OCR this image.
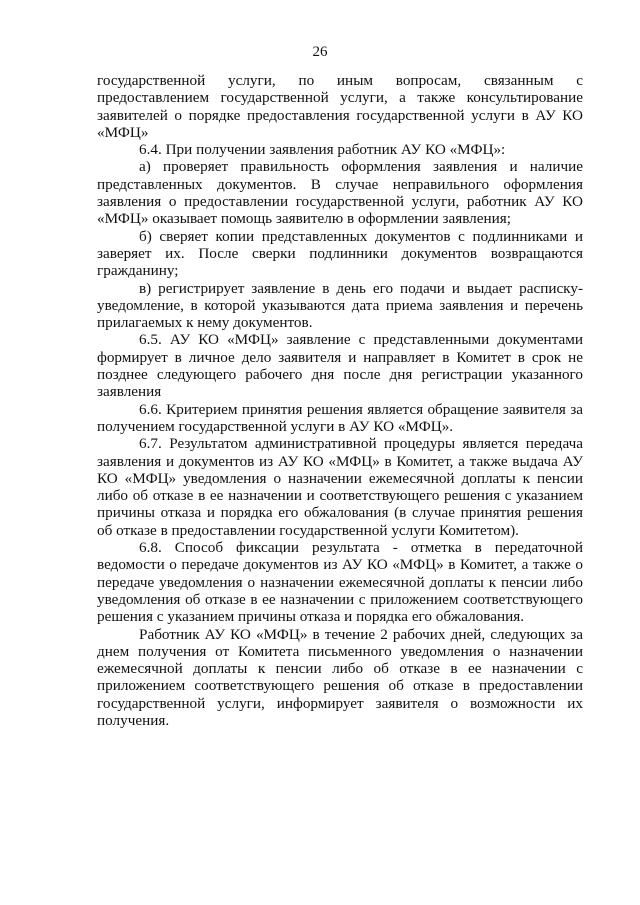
26

государственной услуги, по иным вопросам, связанным с предоставлением государственной услуги, а также консультирование заявителей о порядке предоставления государственной услуги в АУ КО «МФЦ»

6.4. При получении заявления работник АУ КО «МФЦ»:

а) проверяет правильность оформления заявления и наличие представленных документов. В случае неправильного оформления заявления о предоставлении государственной услуги, работник АУ КО «МФЦ» оказывает помощь заявителю в оформлении заявления;

б) сверяет копии представленных документов с подлинниками и заверяет их. После сверки подлинники документов возвращаются гражданину;

в) регистрирует заявление в день его подачи и выдает расписку-уведомление, в которой указываются дата приема заявления и перечень прилагаемых к нему документов.

6.5. АУ КО «МФЦ» заявление с представленными документами формирует в личное дело заявителя и направляет в Комитет в срок не позднее следующего рабочего дня после дня регистрации указанного заявления

6.6. Критерием принятия решения является обращение заявителя за получением государственной услуги в АУ КО «МФЦ».

6.7. Результатом административной процедуры является передача заявления и документов из АУ КО «МФЦ» в Комитет, а также выдача АУ КО «МФЦ» уведомления о назначении ежемесячной доплаты к пенсии либо об отказе в ее назначении и соответствующего решения с указанием причины отказа и порядка его обжалования (в случае принятия решения об отказе в предоставлении государственной услуги Комитетом).

6.8. Способ фиксации результата - отметка в передаточной ведомости о передаче документов из АУ КО «МФЦ» в Комитет, а также о передаче уведомления о назначении ежемесячной доплаты к пенсии либо уведомления об отказе в ее назначении с приложением соответствующего решения с указанием причины отказа и порядка его обжалования.

Работник АУ КО «МФЦ» в течение 2 рабочих дней, следующих за днем получения от Комитета письменного уведомления о назначении ежемесячной доплаты к пенсии либо об отказе в ее назначении с приложением соответствующего решения об отказе в предоставлении государственной услуги, информирует заявителя о возможности их получения.
